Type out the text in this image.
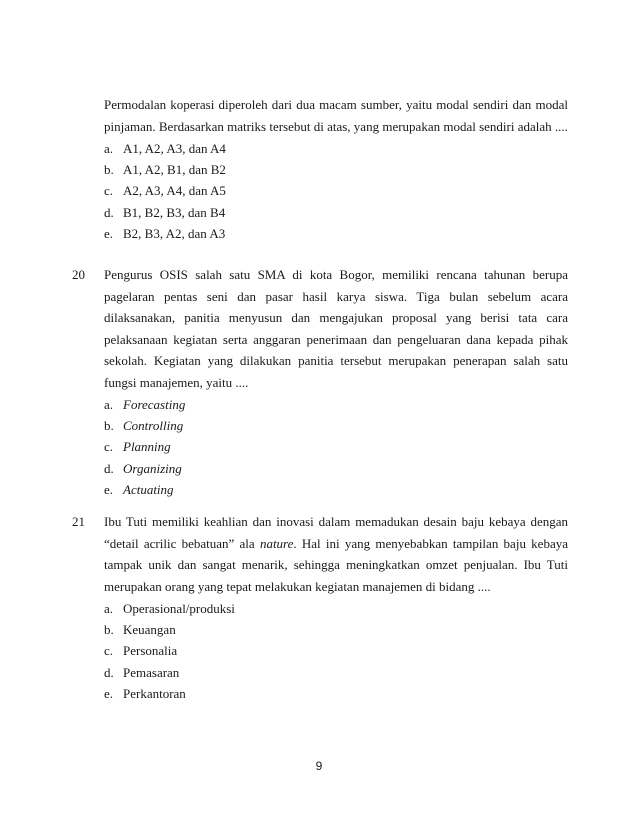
Permodalan koperasi diperoleh dari dua macam sumber, yaitu modal sendiri dan modal pinjaman. Berdasarkan matriks tersebut di atas, yang merupakan modal sendiri adalah ....

a. A1, A2, A3, dan A4
b. A1, A2, B1, dan B2
c. A2, A3, A4, dan A5
d. B1, B2, B3, dan B4
e. B2, B3, A2, dan A3
20	Pengurus OSIS salah satu SMA di kota Bogor, memiliki rencana tahunan berupa pagelaran pentas seni dan pasar hasil karya siswa. Tiga bulan sebelum acara dilaksanakan, panitia menyusun dan mengajukan proposal yang berisi tata cara pelaksanaan kegiatan serta anggaran penerimaan dan pengeluaran dana kepada pihak sekolah. Kegiatan yang dilakukan panitia tersebut merupakan penerapan salah satu fungsi manajemen, yaitu ....

a. Forecasting
b. Controlling
c. Planning
d. Organizing
e. Actuating
21	Ibu Tuti memiliki keahlian dan inovasi dalam memadukan desain baju kebaya dengan “detail acrilic bebatuan” ala nature. Hal ini yang menyebabkan tampilan baju kebaya tampak unik dan sangat menarik, sehingga meningkatkan omzet penjualan. Ibu Tuti merupakan orang yang tepat melakukan kegiatan manajemen di bidang ....

a. Operasional/produksi
b. Keuangan
c. Personalia
d. Pemasaran
e. Perkantoran
9
